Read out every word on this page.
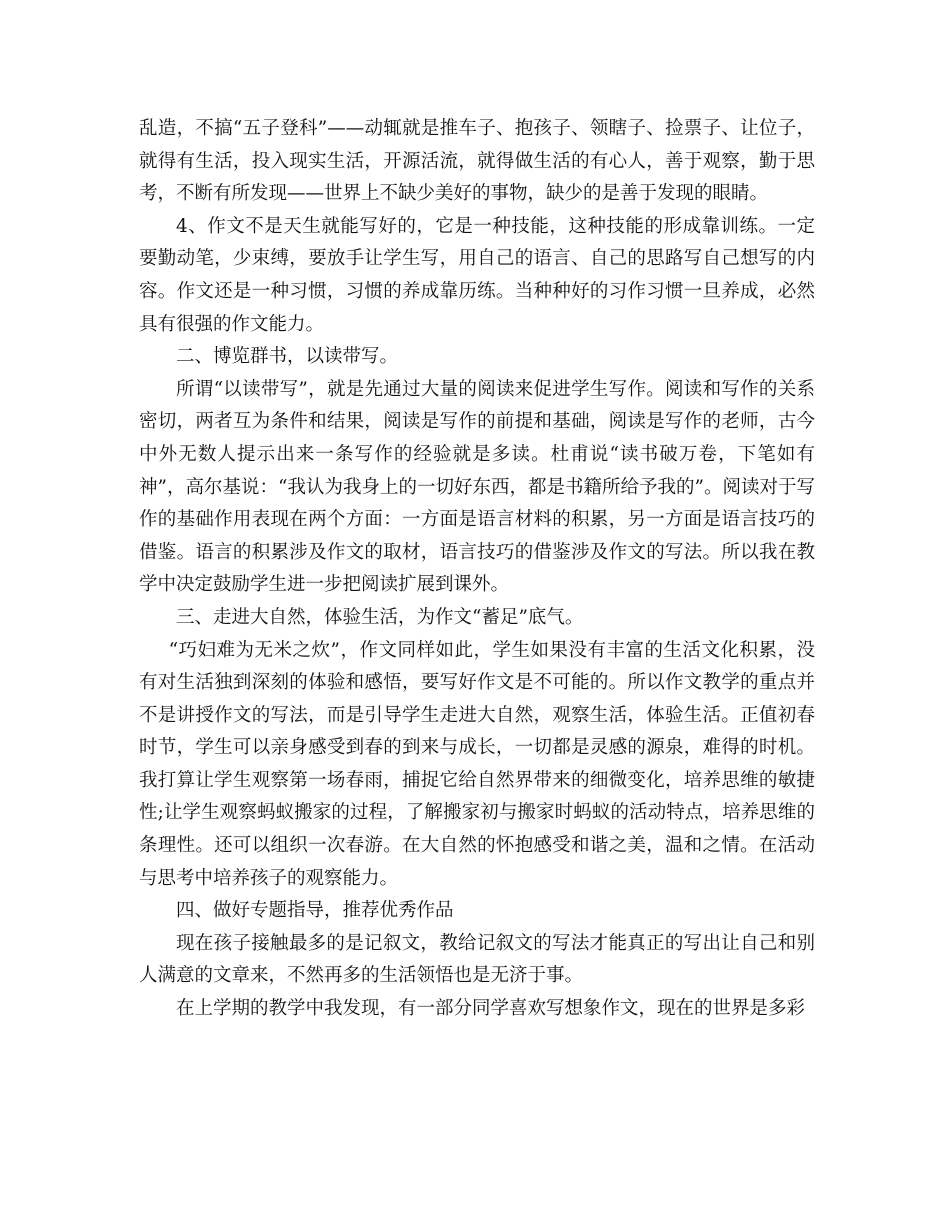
乱造，不搞“五子登科”——动辄就是推车子、抱孩子、领瞎子、捡票子、让位子，就得有生活，投入现实生活，开源活流，就得做生活的有心人，善于观察，勤于思考，不断有所发现——世界上不缺少美好的事物，缺少的是善于发现的眼睛。

4、作文不是天生就能写好的，它是一种技能，这种技能的形成靠训练。一定要勤动笔，少束缚，要放手让学生写，用自己的语言、自己的思路写自己想写的内容。作文还是一种习惯，习惯的养成靠历练。当种种好的习作习惯一旦养成，必然具有很强的作文能力。

二、博览群书，以读带写。

所谓“以读带写”，就是先通过大量的阅读来促进学生写作。阅读和写作的关系密切，两者互为条件和结果，阅读是写作的前提和基础，阅读是写作的老师，古今中外无数人提示出来一条写作的经验就是多读。杜甫说“读书破万卷，下笔如有神”，高尔基说：“我认为我身上的一切好东西，都是书籍所给予我的”。阅读对于写作的基础作用表现在两个方面：一方面是语言材料的积累，另一方面是语言技巧的借鉴。语言的积累涉及作文的取材，语言技巧的借鉴涉及作文的写法。所以我在教学中决定鼓励学生进一步把阅读扩展到课外。

三、走进大自然，体验生活，为作文“蓄足”底气。

“巧妇难为无米之炊”，作文同样如此，学生如果没有丰富的生活文化积累，没有对生活独到深刻的体验和感悟，要写好作文是不可能的。所以作文教学的重点并不是讲授作文的写法，而是引导学生走进大自然，观察生活，体验生活。正值初春时节，学生可以亲身感受到春的到来与成长，一切都是灵感的源泉，难得的时机。我打算让学生观察第一场春雨，捕捉它给自然界带来的细微变化，培养思维的敏捷性;让学生观察蚂蚁搬家的过程，了解搬家初与搬家时蚂蚁的活动特点，培养思维的条理性。还可以组织一次春游。在大自然的怀抱感受和谐之美，温和之情。在活动与思考中培养孩子的观察能力。

四、做好专题指导，推荐优秀作品

现在孩子接触最多的是记叙文，教给记叙文的写法才能真正的写出让自己和别人满意的文章来，不然再多的生活领悟也是无济于事。

在上学期的教学中我发现，有一部分同学喜欢写想象作文，现在的世界是多彩
